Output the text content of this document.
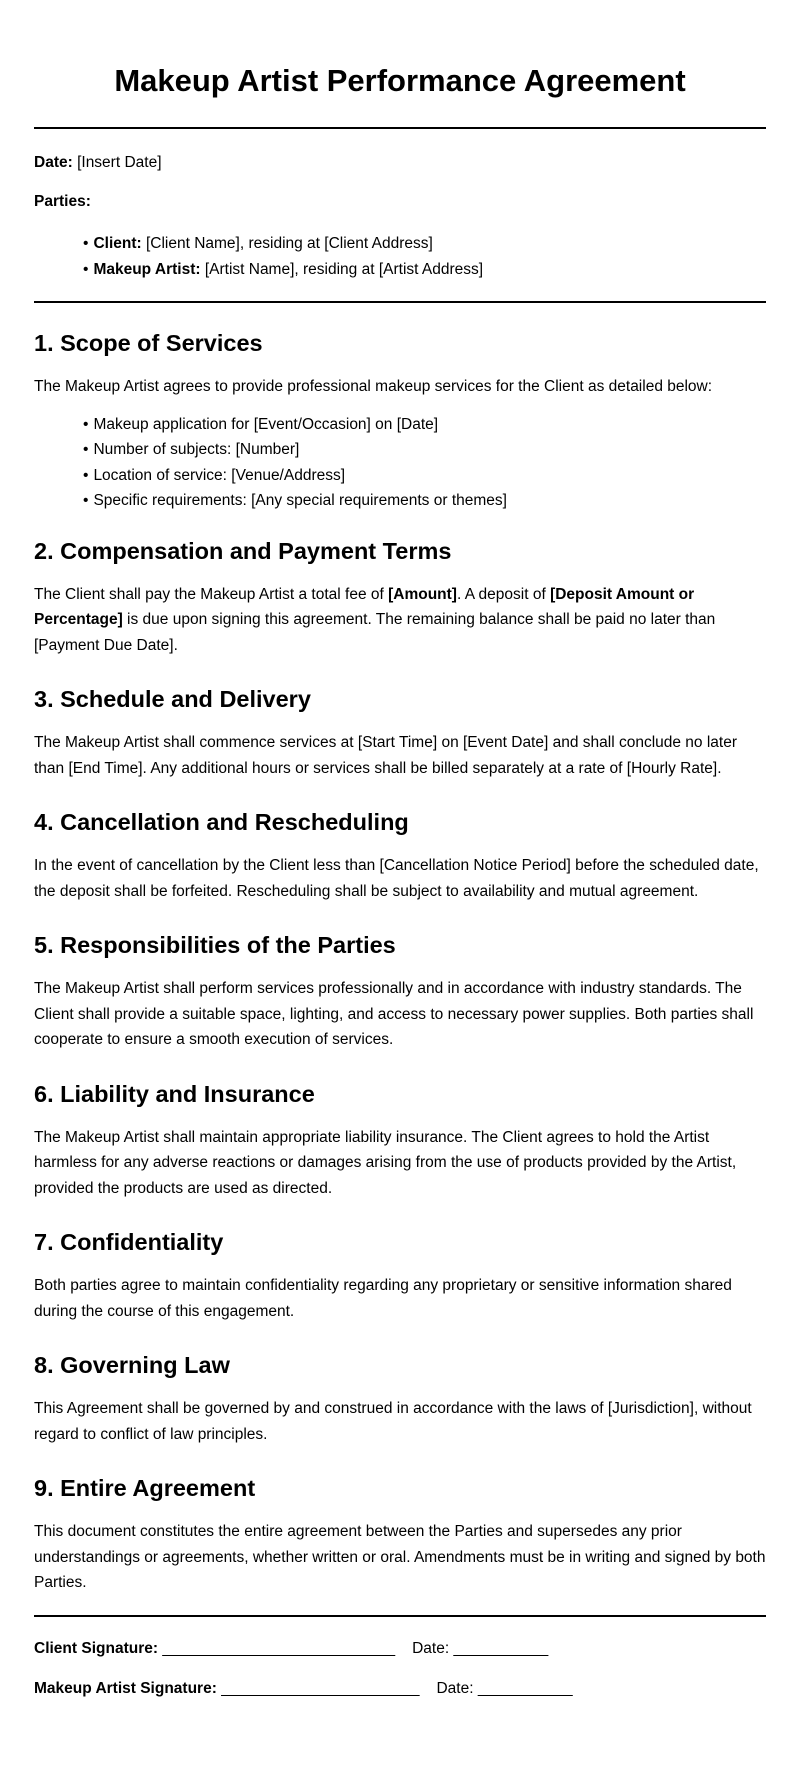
Makeup Artist Performance Agreement

Date: [Insert Date]

Parties:

• Client: [Client Name], residing at [Client Address]
• Makeup Artist: [Artist Name], residing at [Artist Address]
1. Scope of Services

The Makeup Artist agrees to provide professional makeup services for the Client as detailed below:

• Makeup application for [Event/Occasion] on [Date]
• Number of subjects: [Number]
• Location of service: [Venue/Address]
• Specific requirements: [Any special requirements or themes]
2. Compensation and Payment Terms

The Client shall pay the Makeup Artist a total fee of [Amount]. A deposit of [Deposit Amount or Percentage] is due upon signing this agreement. The remaining balance shall be paid no later than [Payment Due Date].

3. Schedule and Delivery

The Makeup Artist shall commence services at [Start Time] on [Event Date] and shall conclude no later than [End Time]. Any additional hours or services shall be billed separately at a rate of [Hourly Rate].

4. Cancellation and Rescheduling

In the event of cancellation by the Client less than [Cancellation Notice Period] before the scheduled date, the deposit shall be forfeited. Rescheduling shall be subject to availability and mutual agreement.

5. Responsibilities of the Parties

The Makeup Artist shall perform services professionally and in accordance with industry standards. The Client shall provide a suitable space, lighting, and access to necessary power supplies. Both parties shall cooperate to ensure a smooth execution of services.

6. Liability and Insurance

The Makeup Artist shall maintain appropriate liability insurance. The Client agrees to hold the Artist harmless for any adverse reactions or damages arising from the use of products provided by the Artist, provided the products are used as directed.

7. Confidentiality

Both parties agree to maintain confidentiality regarding any proprietary or sensitive information shared during the course of this engagement.

8. Governing Law

This Agreement shall be governed by and construed in accordance with the laws of [Jurisdiction], without regard to conflict of law principles.

9. Entire Agreement

This document constitutes the entire agreement between the Parties and supersedes any prior understandings or agreements, whether written or oral. Amendments must be in writing and signed by both Parties.

Client Signature: ___________________________ Date: ___________
Makeup Artist Signature: _______________________ Date: ___________
